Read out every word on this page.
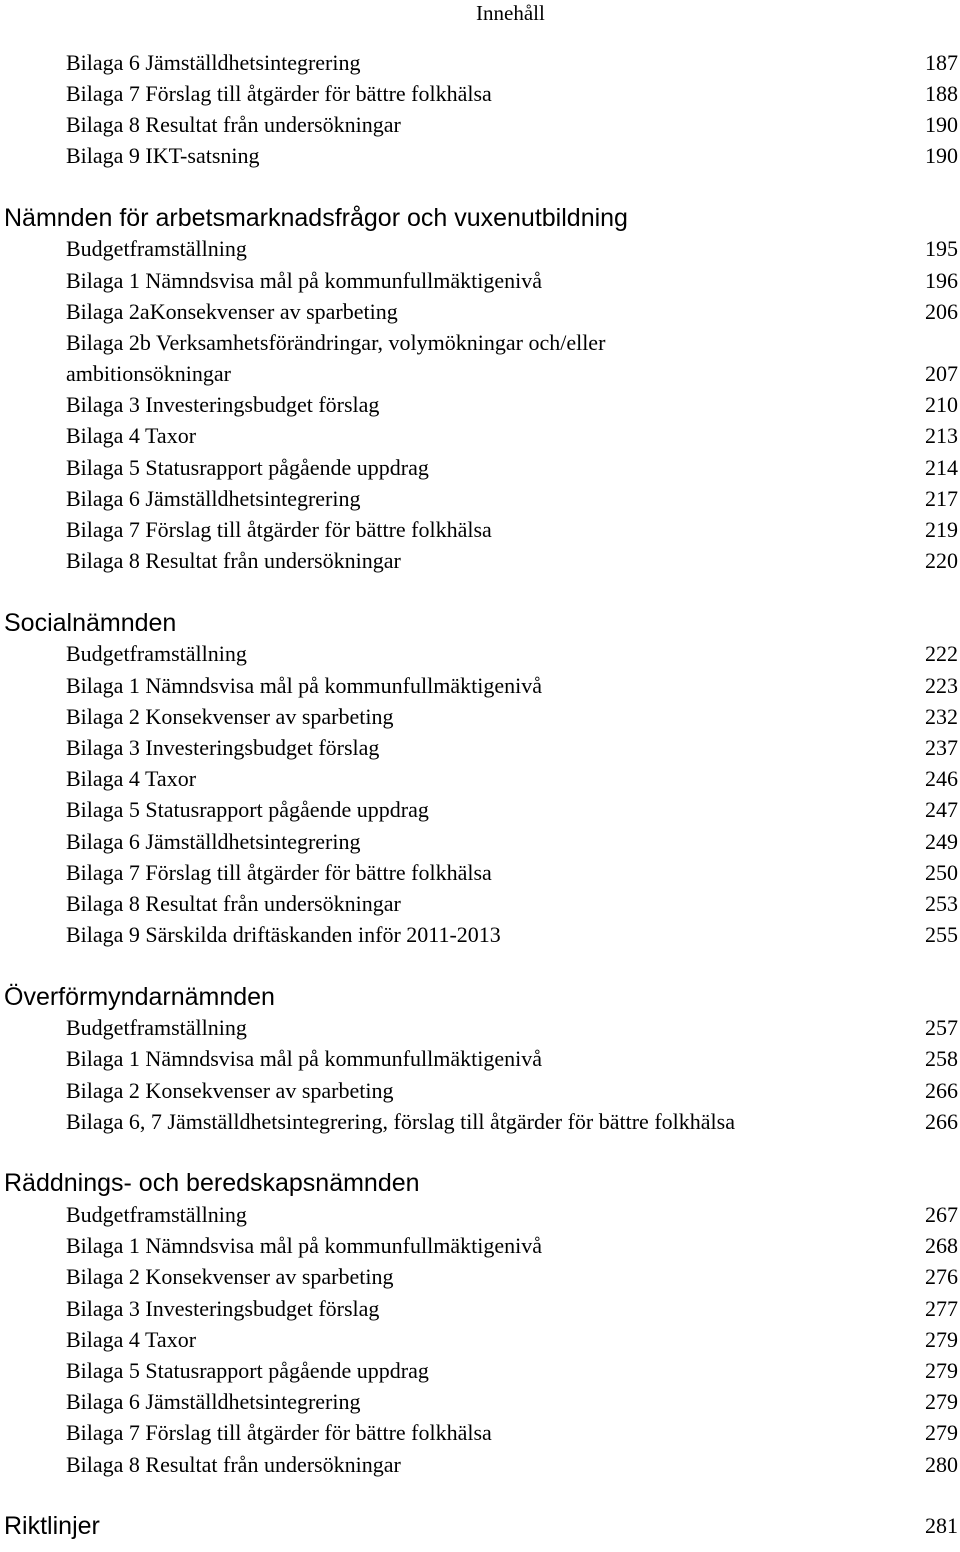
Innehåll
Bilaga 6 Jämställdhetsintegrering	187
Bilaga 7 Förslag till åtgärder för bättre folkhälsa	188
Bilaga 8 Resultat från undersökningar	190
Bilaga 9 IKT-satsning	190
Nämnden för arbetsmarknadsfrågor och vuxenutbildning
Budgetframställning	195
Bilaga 1 Nämndsvisa mål på kommunfullmäktigenivå	196
Bilaga 2aKonsekvenser av sparbeting	206
Bilaga 2b Verksamhetsförändringar, volymökningar och/eller
ambitionsökningar	207
Bilaga 3 Investeringsbudget förslag	210
Bilaga 4 Taxor	213
Bilaga 5 Statusrapport pågående uppdrag	214
Bilaga 6 Jämställdhetsintegrering	217
Bilaga 7 Förslag till åtgärder för bättre folkhälsa	219
Bilaga 8 Resultat från undersökningar	220
Socialnämnden
Budgetframställning	222
Bilaga 1 Nämndsvisa mål på kommunfullmäktigenivå	223
Bilaga 2 Konsekvenser av sparbeting	232
Bilaga 3 Investeringsbudget förslag	237
Bilaga 4 Taxor	246
Bilaga 5 Statusrapport pågående uppdrag	247
Bilaga 6 Jämställdhetsintegrering	249
Bilaga 7 Förslag till åtgärder för bättre folkhälsa	250
Bilaga 8 Resultat från undersökningar	253
Bilaga 9 Särskilda driftäskanden inför 2011-2013	255
Överförmyndarnämnden
Budgetframställning	257
Bilaga 1 Nämndsvisa mål på kommunfullmäktigenivå	258
Bilaga 2 Konsekvenser av sparbeting	266
Bilaga 6, 7 Jämställdhetsintegrering, förslag till åtgärder för bättre folkhälsa	266
Räddnings- och beredskapsnämnden
Budgetframställning	267
Bilaga 1 Nämndsvisa mål på kommunfullmäktigenivå	268
Bilaga 2 Konsekvenser av sparbeting	276
Bilaga 3 Investeringsbudget förslag	277
Bilaga 4 Taxor	279
Bilaga 5 Statusrapport pågående uppdrag	279
Bilaga 6 Jämställdhetsintegrering	279
Bilaga 7 Förslag till åtgärder för bättre folkhälsa	279
Bilaga 8 Resultat från undersökningar	280
Riktlinjer	281
